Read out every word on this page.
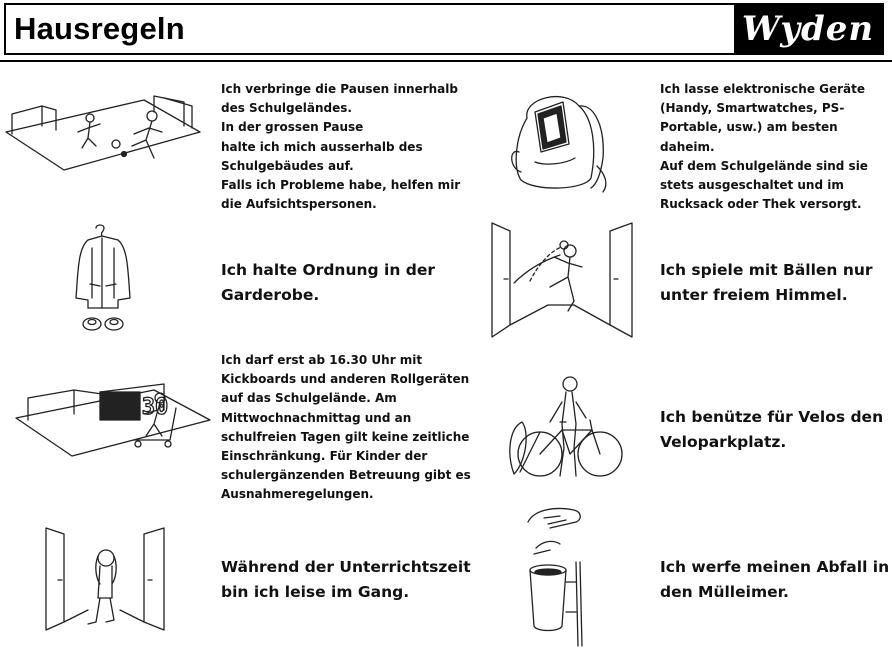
Hausregeln	Wyden
Ich verbringe die Pausen innerhalb
des Schulgeländes.
In der grossen Pause
halte ich mich ausserhalb des
Schulgebäudes auf.
Falls ich Probleme habe, helfen mir
die Aufsichtspersonen.
Ich lasse elektronische Geräte
(Handy, Smartwatches, PS-
Portable, usw.) am besten
daheim.
Auf dem Schulgelände sind sie
stets ausgeschaltet und im
Rucksack oder Thek versorgt.
Ich halte Ordnung in der
Garderobe.
Ich spiele mit Bällen nur
unter freiem Himmel.
16:30
Ich darf erst ab 16.30 Uhr mit
Kickboards und anderen Rollgeräten
auf das Schulgelände. Am
Mittwochnachmittag und an
schulfreien Tagen gilt keine zeitliche
Einschränkung. Für Kinder der
schulergänzenden Betreuung gibt es
Ausnahmeregelungen.
Ich benütze für Velos den
Veloparkplatz.
Während der Unterrichtszeit
bin ich leise im Gang.
Ich werfe meinen Abfall in
den Mülleimer.
